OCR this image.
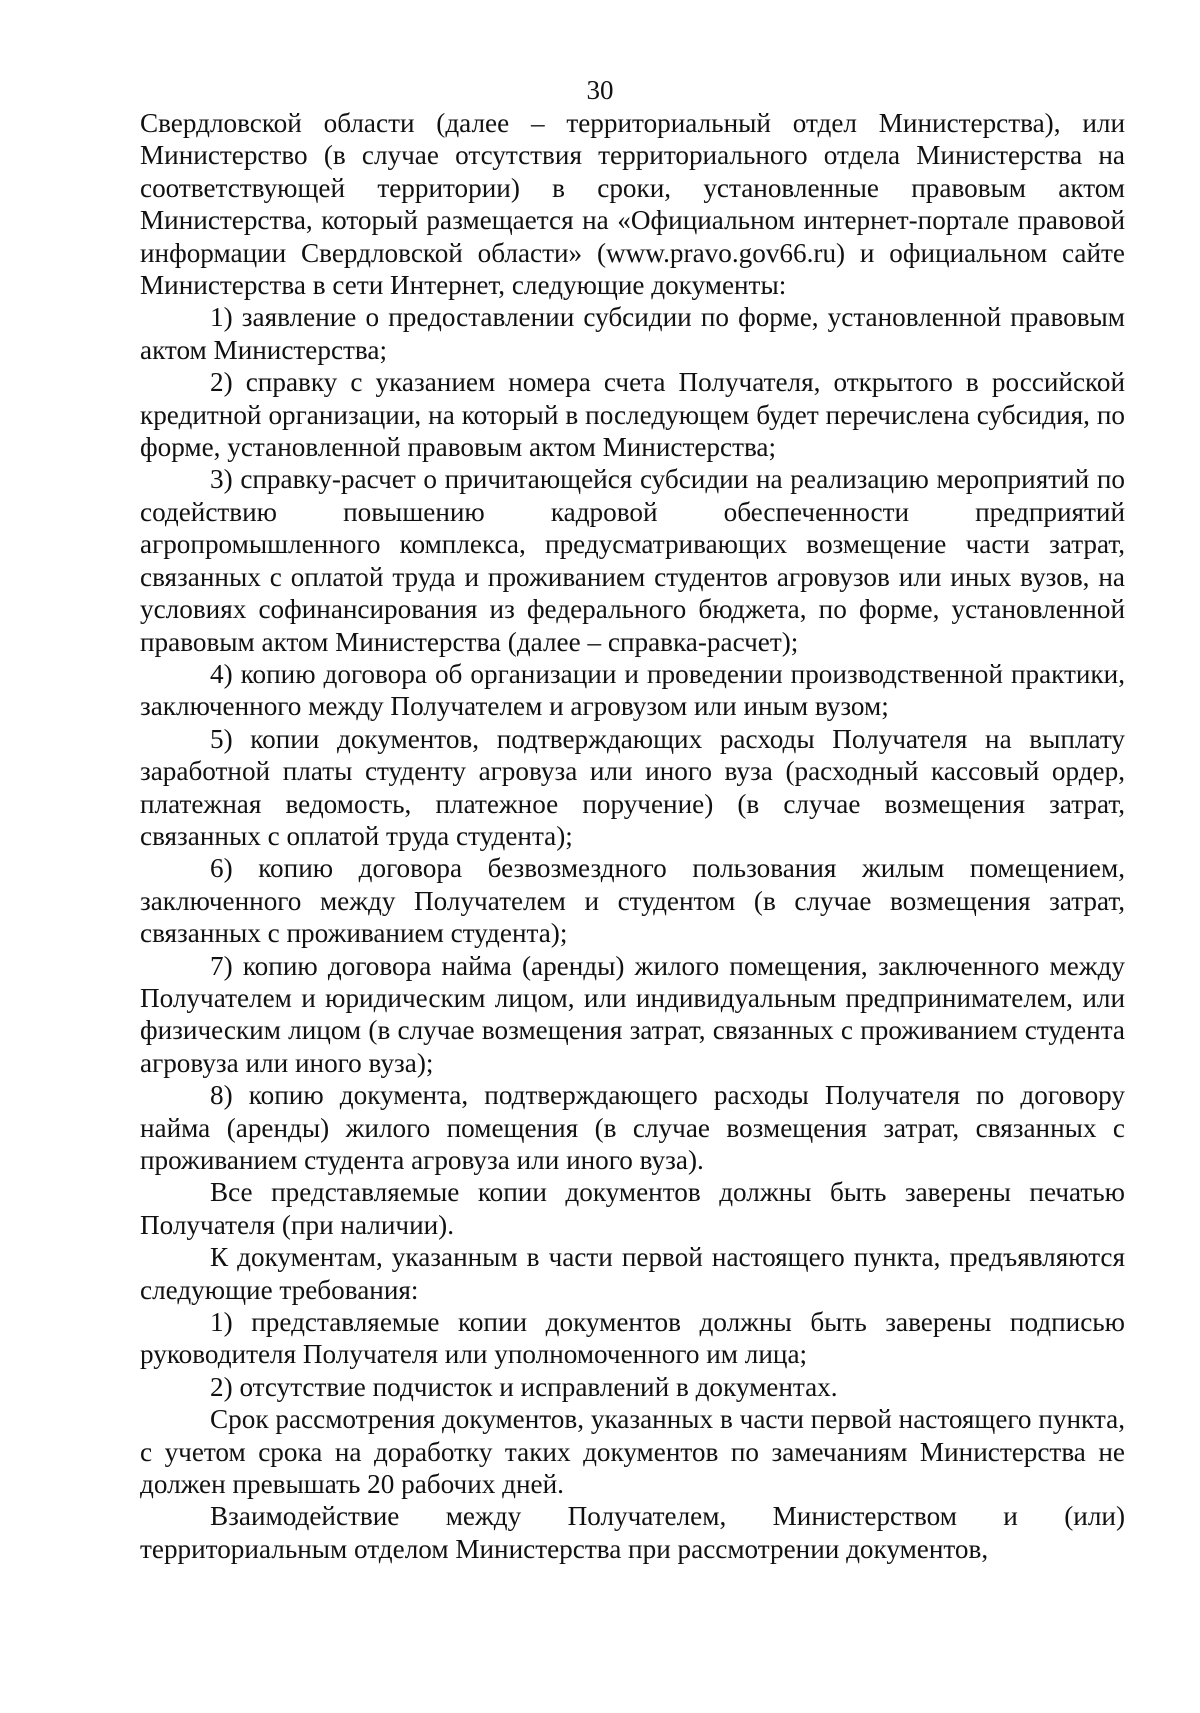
30

Свердловской области (далее – территориальный отдел Министерства), или Министерство (в случае отсутствия территориального отдела Министерства на соответствующей территории) в сроки, установленные правовым актом Министерства, который размещается на «Официальном интернет-портале правовой информации Свердловской области» (www.pravo.gov66.ru) и официальном сайте Министерства в сети Интернет, следующие документы:

1) заявление о предоставлении субсидии по форме, установленной правовым актом Министерства;

2) справку с указанием номера счета Получателя, открытого в российской кредитной организации, на который в последующем будет перечислена субсидия, по форме, установленной правовым актом Министерства;

3) справку-расчет о причитающейся субсидии на реализацию мероприятий по содействию повышению кадровой обеспеченности предприятий агропромышленного комплекса, предусматривающих возмещение части затрат, связанных с оплатой труда и проживанием студентов агровузов или иных вузов, на условиях софинансирования из федерального бюджета, по форме, установленной правовым актом Министерства (далее – справка-расчет);

4) копию договора об организации и проведении производственной практики, заключенного между Получателем и агровузом или иным вузом;

5) копии документов, подтверждающих расходы Получателя на выплату заработной платы студенту агровуза или иного вуза (расходный кассовый ордер, платежная ведомость, платежное поручение) (в случае возмещения затрат, связанных с оплатой труда студента);

6) копию договора безвозмездного пользования жилым помещением, заключенного между Получателем и студентом (в случае возмещения затрат, связанных с проживанием студента);

7) копию договора найма (аренды) жилого помещения, заключенного между Получателем и юридическим лицом, или индивидуальным предпринимателем, или физическим лицом (в случае возмещения затрат, связанных с проживанием студента агровуза или иного вуза);

8) копию документа, подтверждающего расходы Получателя по договору найма (аренды) жилого помещения (в случае возмещения затрат, связанных с проживанием студента агровуза или иного вуза).

Все представляемые копии документов должны быть заверены печатью Получателя (при наличии).

К документам, указанным в части первой настоящего пункта, предъявляются следующие требования:

1) представляемые копии документов должны быть заверены подписью руководителя Получателя или уполномоченного им лица;

2) отсутствие подчисток и исправлений в документах.

Срок рассмотрения документов, указанных в части первой настоящего пункта, с учетом срока на доработку таких документов по замечаниям Министерства не должен превышать 20 рабочих дней.

Взаимодействие между Получателем, Министерством и (или) территориальным отделом Министерства при рассмотрении документов,
